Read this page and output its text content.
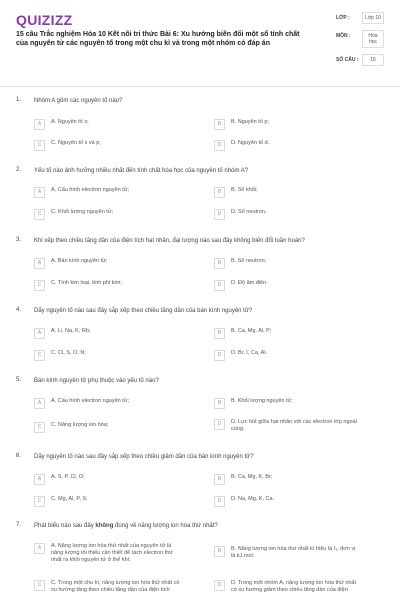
QUIZIZZ
15 câu Trắc nghiệm Hóa 10 Kết nối tri thức Bài 6: Xu hướng biến đổi một số tính chất của nguyên tử các nguyên tố trong một chu kì và trong một nhóm có đáp án
LỚP :	Lớp 10
MÔN :	Hóa học
SỐ CÂU :	15
1. Nhóm A gồm các nguyên tố nào?
A	A. Nguyên tố s;	B	B. Nguyên tố p;
C	C. Nguyên tố s và p;	D	D. Nguyên tố d.
2. Yếu tố nào ảnh hưởng nhiều nhất đến tính chất hóa học của nguyên tố nhóm A?
A	A. Cấu hình electron nguyên tử;	B	B. Số khối;
C	C. Khối lượng nguyên tử;	D	D. Số neutron.
3. Khi xếp theo chiều tăng dần của điện tích hạt nhân, đại lượng nào sau đây không biến đổi tuần hoàn?
A	A. Bán kính nguyên tử;	B	B. Số neutron;
C	C. Tính kim loại, tính phi kim;	D	D. Độ âm điện.
4. Dãy nguyên tố nào sau đây sắp xếp theo chiều tăng dần của bán kính nguyên tử?
A	A. Li, Na, K, Rb;	B	B. Ca, Mg, Al, P;
C	C. Cl, S, O, N;	D	D. Br, I, Ca, Al.
5. Bán kính nguyên tử phụ thuộc vào yếu tố nào?
A	A. Cấu hình electron nguyên tử;	B	B. Khối lượng nguyên tử;
C	C. Năng lượng ion hóa;	D	D. Lực hút giữa hạt nhân với các electron lớp ngoài cùng.
6. Dãy nguyên tố nào sau đây sắp xếp theo chiều giảm dần của bán kính nguyên tử?
A	A. S, P, Cl, O;	B	B. Ca, Mg, K, Br;
C	C. Mg, Al, P, S;	D	D. Na, Mg, K, Ca.
7. Phát biểu nào sau đây không đúng về năng lượng ion hóa thứ nhất?
A	A. Năng lượng ion hóa thứ nhất của nguyên tử là năng lượng tối thiểu cần thiết để tách electron thứ nhất ra khỏi nguyên tử ở thể khí;
B	B. Năng lượng ion hóa thứ nhất kí hiệu là I₁, đơn vị là kJ.mol;
C	C. Trong một chu kì, năng lượng ion hóa thứ nhất có xu hướng tăng theo chiều tăng dần của điện tích
D	D. Trong một nhóm A, năng lượng ion hóa thứ nhất có xu hướng giảm theo chiều tăng dần của điện
